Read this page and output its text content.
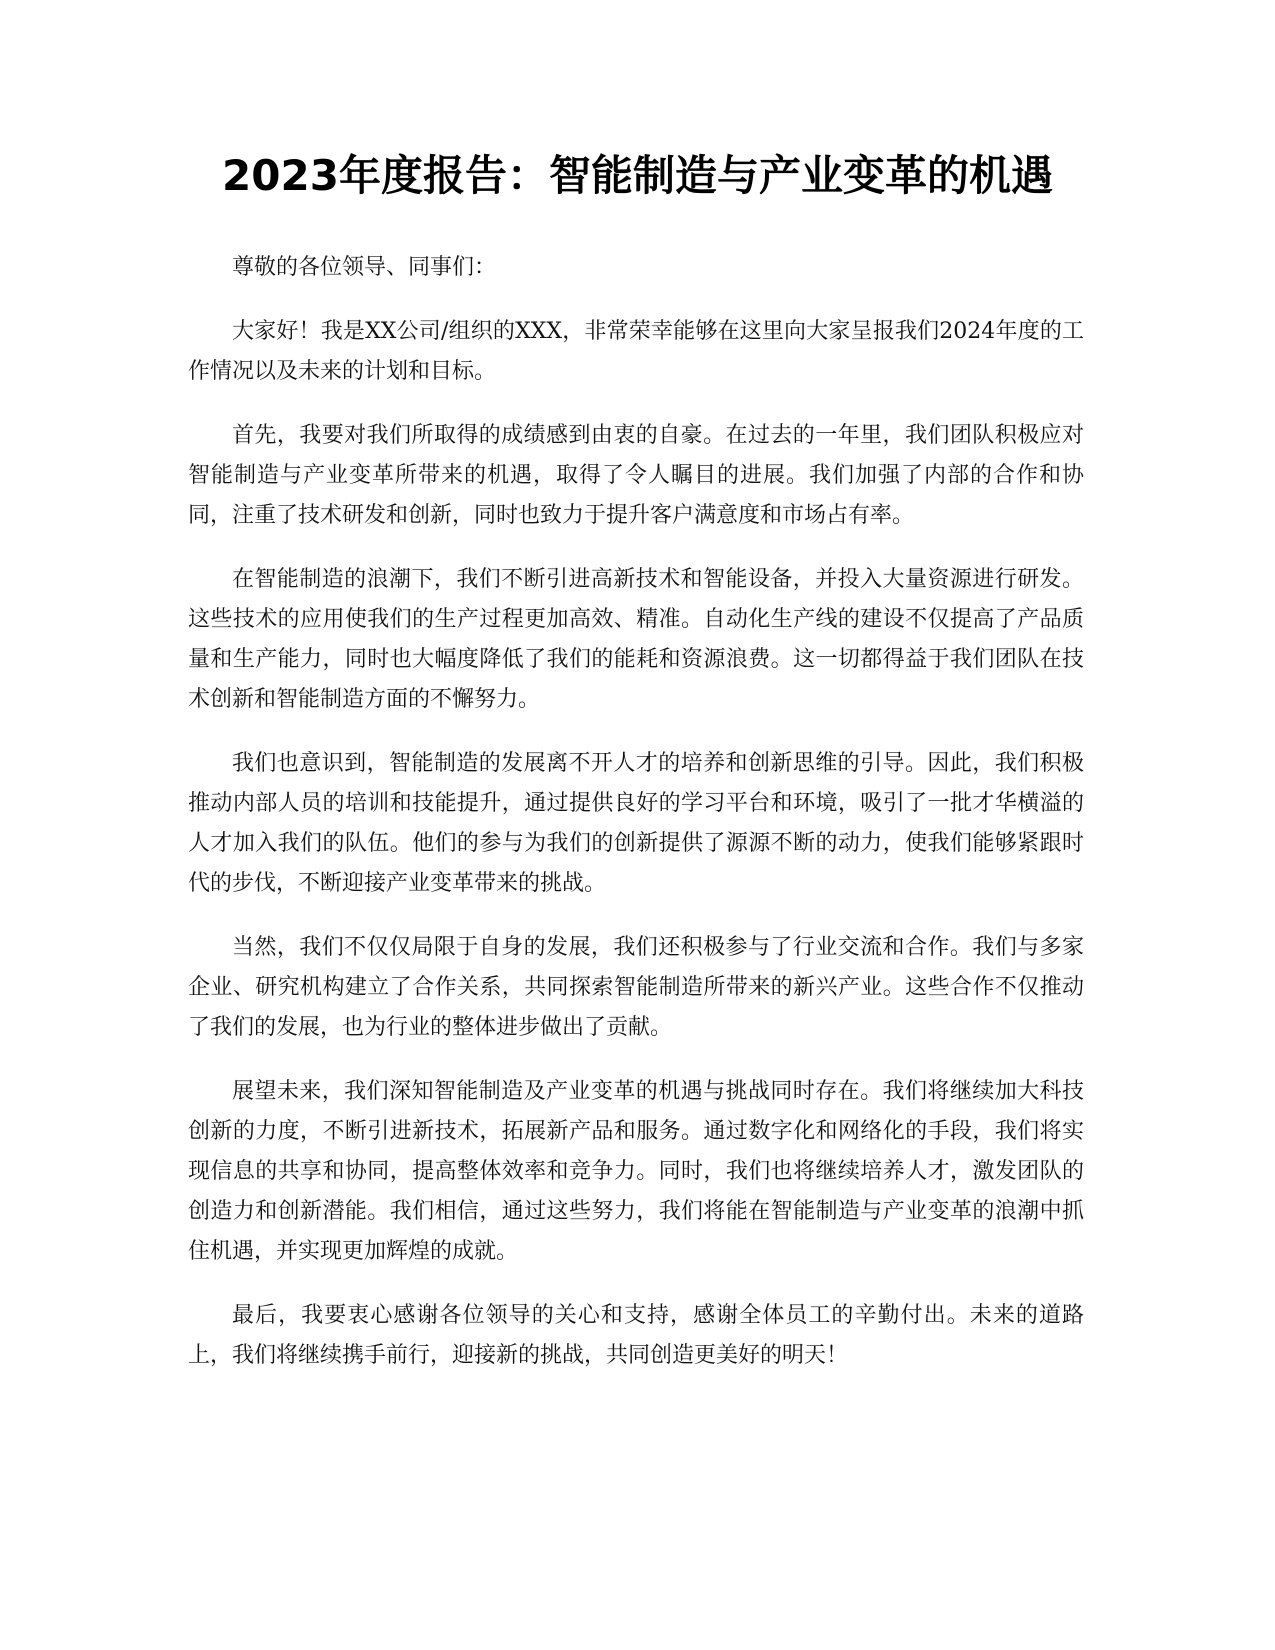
2023年度报告：智能制造与产业变革的机遇

尊敬的各位领导、同事们：

大家好！我是XX公司/组织的XXX，非常荣幸能够在这里向大家呈报我们2024年度的工作情况以及未来的计划和目标。

首先，我要对我们所取得的成绩感到由衷的自豪。在过去的一年里，我们团队积极应对智能制造与产业变革所带来的机遇，取得了令人瞩目的进展。我们加强了内部的合作和协同，注重了技术研发和创新，同时也致力于提升客户满意度和市场占有率。

在智能制造的浪潮下，我们不断引进高新技术和智能设备，并投入大量资源进行研发。这些技术的应用使我们的生产过程更加高效、精准。自动化生产线的建设不仅提高了产品质量和生产能力，同时也大幅度降低了我们的能耗和资源浪费。这一切都得益于我们团队在技术创新和智能制造方面的不懈努力。

我们也意识到，智能制造的发展离不开人才的培养和创新思维的引导。因此，我们积极推动内部人员的培训和技能提升，通过提供良好的学习平台和环境，吸引了一批才华横溢的人才加入我们的队伍。他们的参与为我们的创新提供了源源不断的动力，使我们能够紧跟时代的步伐，不断迎接产业变革带来的挑战。

当然，我们不仅仅局限于自身的发展，我们还积极参与了行业交流和合作。我们与多家企业、研究机构建立了合作关系，共同探索智能制造所带来的新兴产业。这些合作不仅推动了我们的发展，也为行业的整体进步做出了贡献。

展望未来，我们深知智能制造及产业变革的机遇与挑战同时存在。我们将继续加大科技创新的力度，不断引进新技术，拓展新产品和服务。通过数字化和网络化的手段，我们将实现信息的共享和协同，提高整体效率和竞争力。同时，我们也将继续培养人才，激发团队的创造力和创新潜能。我们相信，通过这些努力，我们将能在智能制造与产业变革的浪潮中抓住机遇，并实现更加辉煌的成就。

最后，我要衷心感谢各位领导的关心和支持，感谢全体员工的辛勤付出。未来的道路上，我们将继续携手前行，迎接新的挑战，共同创造更美好的明天！
